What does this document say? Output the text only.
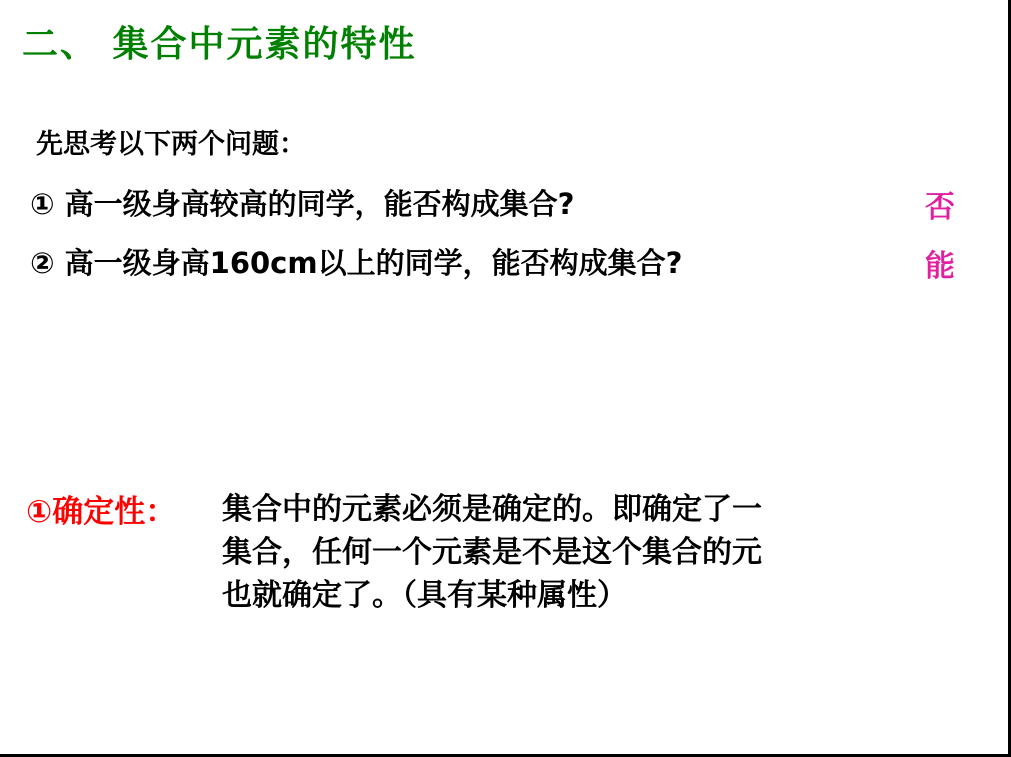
二、 集合中元素的特性
先思考以下两个问题：
① 高一级身高较高的同学，能否构成集合?	否
② 高一级身高160cm以上的同学，能否构成集合?	能
①确定性： 集合中的元素必须是确定的。即确定了一
集合，任何一个元素是不是这个集合的元
也就确定了。（具有某种属性）
